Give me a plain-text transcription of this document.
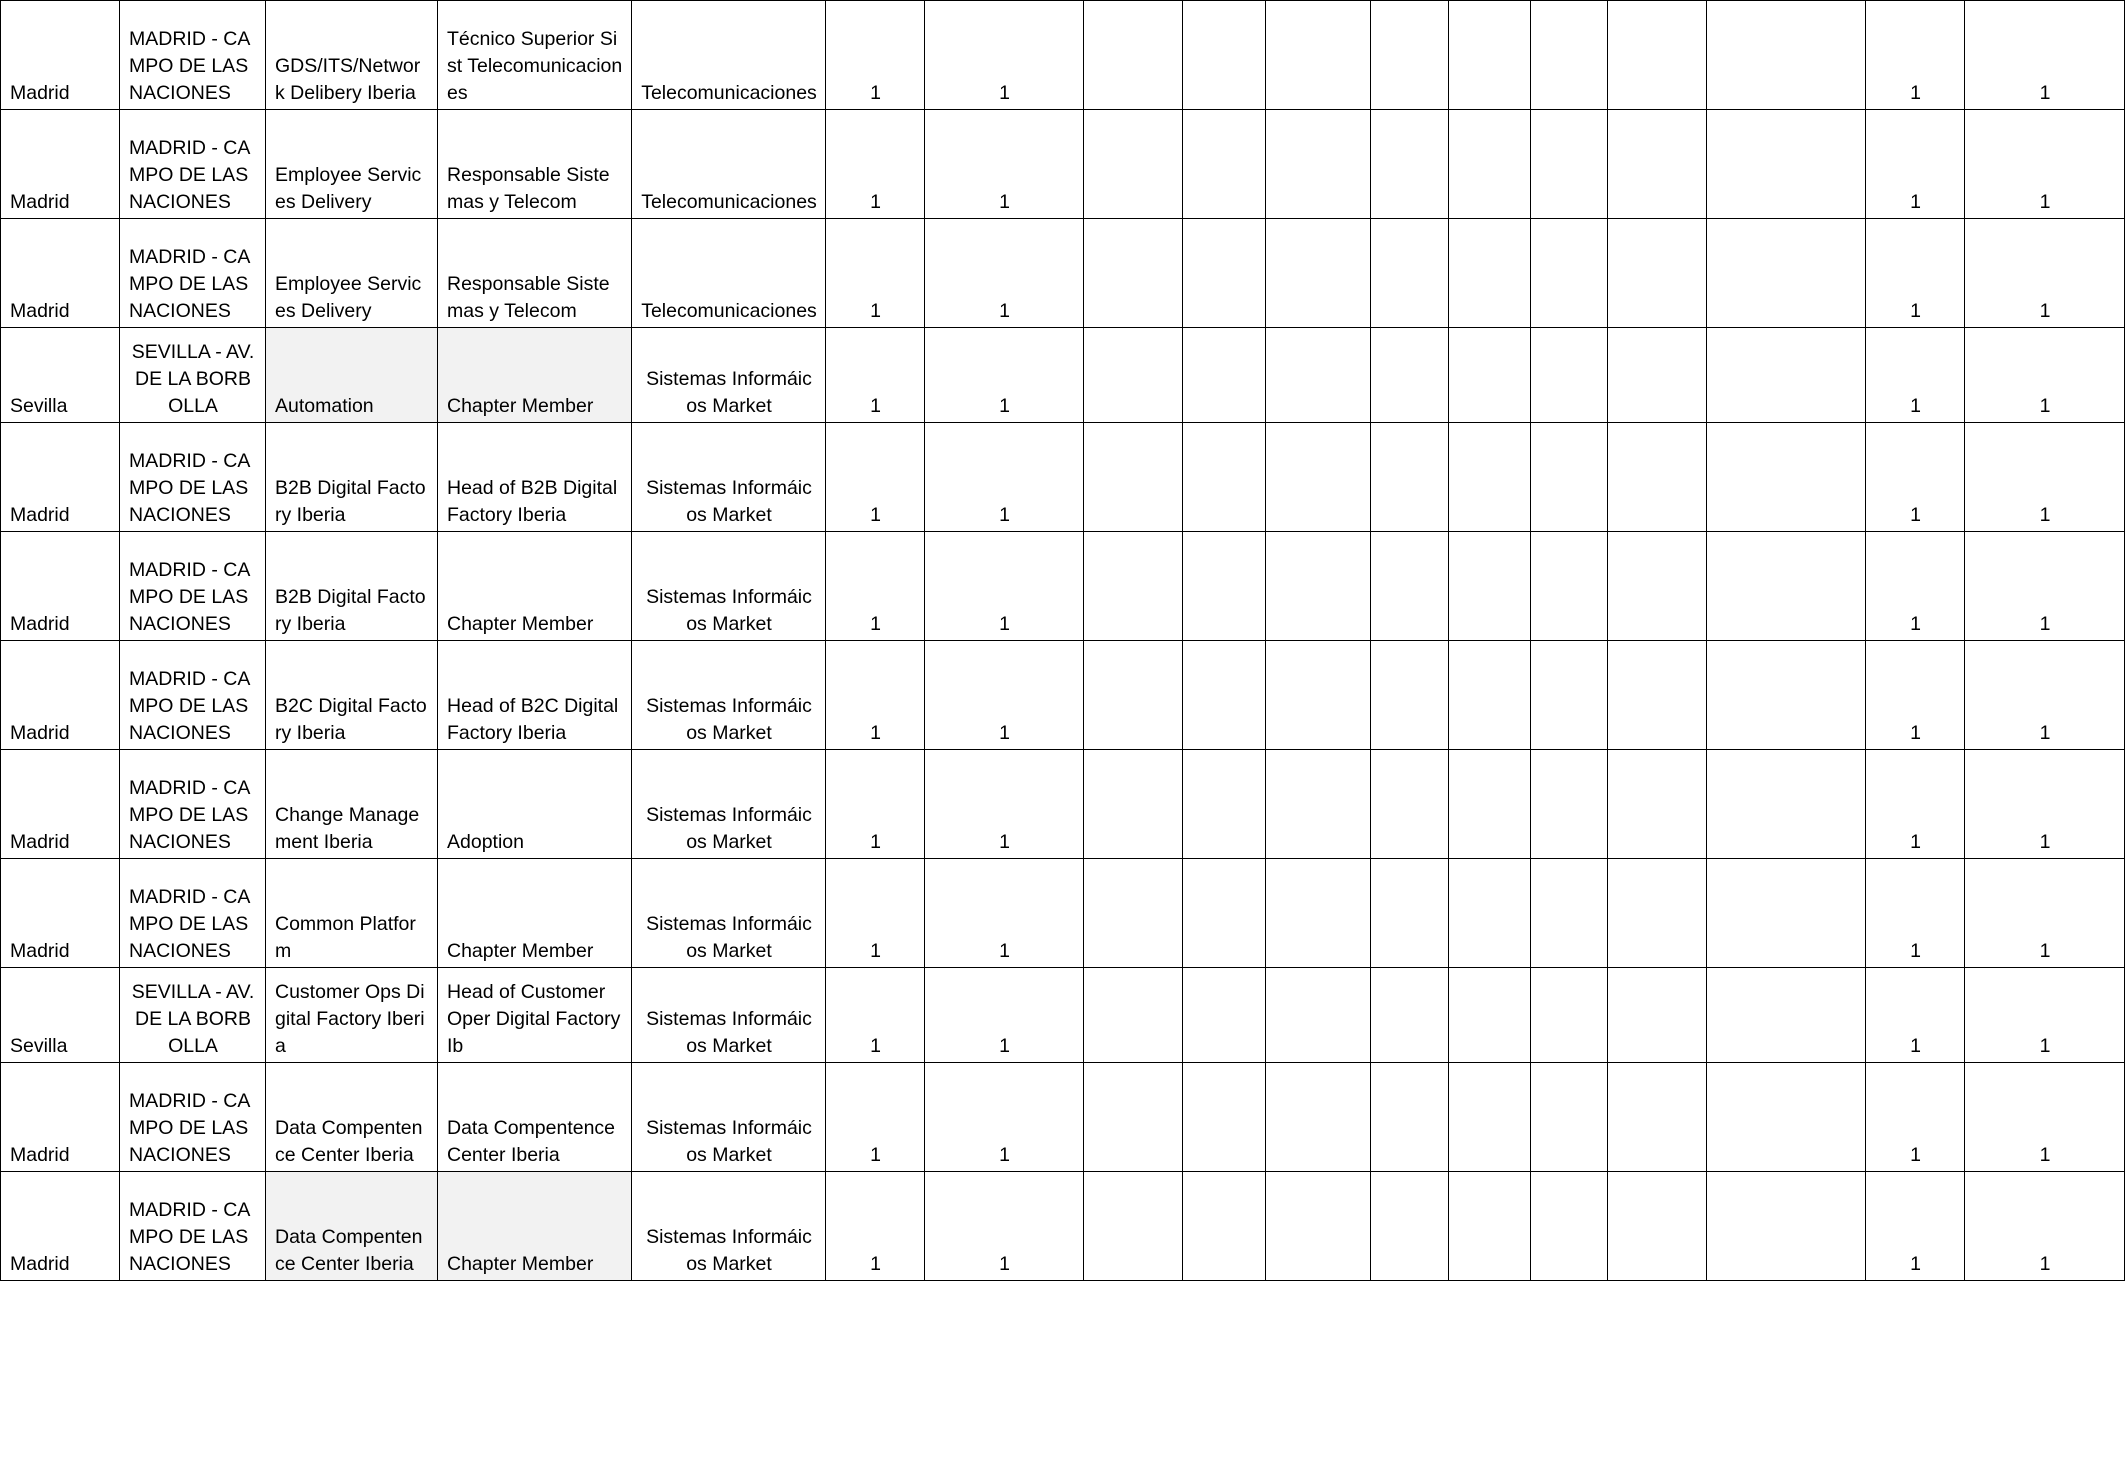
Madrid	MADRID - CAMPO DE LAS NACIONES	GDS/ITS/Network Delibery Iberia	Técnico Superior Sist Telecomunicaciones	Telecomunicaciones	1	1									1	1
Madrid	MADRID - CAMPO DE LAS NACIONES	Employee Services Delivery	Responsable Sistemas y Telecom	Telecomunicaciones	1	1									1	1
Madrid	MADRID - CAMPO DE LAS NACIONES	Employee Services Delivery	Responsable Sistemas y Telecom	Telecomunicaciones	1	1									1	1
Sevilla	SEVILLA - AV.DE LA BORBOLLA	Automation	Chapter Member	Sistemas Informáicos Market	1	1									1	1
Madrid	MADRID - CAMPO DE LAS NACIONES	B2B Digital Factory Iberia	Head of B2B Digital Factory Iberia	Sistemas Informáicos Market	1	1									1	1
Madrid	MADRID - CAMPO DE LAS NACIONES	B2B Digital Factory Iberia	Chapter Member	Sistemas Informáicos Market	1	1									1	1
Madrid	MADRID - CAMPO DE LAS NACIONES	B2C Digital Factory Iberia	Head of B2C Digital Factory Iberia	Sistemas Informáicos Market	1	1									1	1
Madrid	MADRID - CAMPO DE LAS NACIONES	Change Management Iberia	Adoption	Sistemas Informáicos Market	1	1									1	1
Madrid	MADRID - CAMPO DE LAS NACIONES	Common Platform	Chapter Member	Sistemas Informáicos Market	1	1									1	1
Sevilla	SEVILLA - AV.DE LA BORBOLLA	Customer Ops Digital Factory Iberia	Head of Customer Oper Digital Factory Ib	Sistemas Informáicos Market	1	1									1	1
Madrid	MADRID - CAMPO DE LAS NACIONES	Data Compentence Center Iberia	Data Compentence Center Iberia	Sistemas Informáicos Market	1	1									1	1
Madrid	MADRID - CAMPO DE LAS NACIONES	Data Compentence Center Iberia	Chapter Member	Sistemas Informáicos Market	1	1									1	1
